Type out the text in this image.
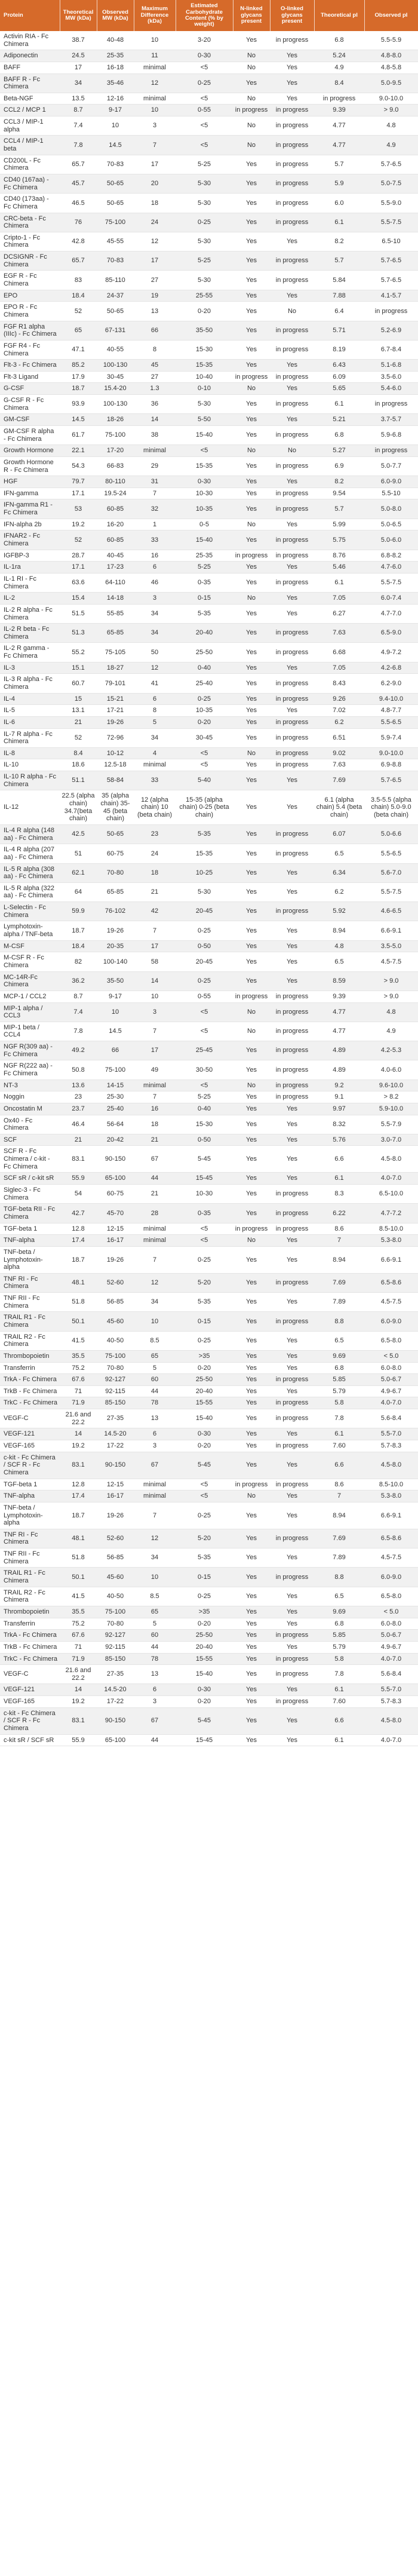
Protein	Theoretical MW (kDa)	Observed MW (kDa)	Maximum Difference (kDa)	Estimated Carbohydrate Content (% by weight)	N-linked glycans present	O-linked glycans present	Theoretical pI	Observed pI
Activin RIA - Fc Chimera	38.7	40-48	10	3-20	Yes	in progress	6.8	5.5-5.9
Adiponectin	24.5	25-35	11	0-30	No	Yes	5.24	4.8-8.0
BAFF	17	16-18	minimal	<5	No	Yes	4.9	4.8-5.8
BAFF R - Fc Chimera	34	35-46	12	0-25	Yes	Yes	8.4	5.0-9.5
Beta-NGF	13.5	12-16	minimal	<5	No	Yes	in progress	9.0-10.0
CCL2 / MCP 1	8.7	9-17	10	0-55	in progress	in progress	9.39	> 9.0
CCL3 / MIP-1 alpha	7.4	10	3	<5	No	in progress	4.77	4.8
CCL4 / MIP-1 beta	7.8	14.5	7	<5	No	in progress	4.77	4.9
CD200L - Fc Chimera	65.7	70-83	17	5-25	Yes	in progress	5.7	5.7-6.5
CD40 (167aa) - Fc Chimera	45.7	50-65	20	5-30	Yes	in progress	5.9	5.0-7.5
CD40 (173aa) - Fc Chimera	46.5	50-65	18	5-30	Yes	in progress	6.0	5.5-9.0
CRC-beta - Fc Chimera	76	75-100	24	0-25	Yes	in progress	6.1	5.5-7.5
Cripto-1 - Fc Chimera	42.8	45-55	12	5-30	Yes	Yes	8.2	6.5-10
DCSIGNR - Fc Chimera	65.7	70-83	17	5-25	Yes	in progress	5.7	5.7-6.5
EGF R - Fc Chimera	83	85-110	27	5-30	Yes	in progress	5.84	5.7-6.5
EPO	18.4	24-37	19	25-55	Yes	Yes	7.88	4.1-5.7
EPO R - Fc Chimera	52	50-65	13	0-20	Yes	No	6.4	in progress
FGF R1 alpha (IIIc) - Fc Chimera	65	67-131	66	35-50	Yes	in progress	5.71	5.2-6.9
FGF R4 - Fc Chimera	47.1	40-55	8	15-30	Yes	in progress	8.19	6.7-8.4
Flt-3 - Fc Chimera	85.2	100-130	45	15-35	Yes	Yes	6.43	5.1-6.8
Flt-3 Ligand	17.9	30-45	27	10-40	in progress	in progress	6.09	3.5-6.0
G-CSF	18.7	15.4-20	1.3	0-10	No	Yes	5.65	5.4-6.0
G-CSF R - Fc Chimera	93.9	100-130	36	5-30	Yes	in progress	6.1	in progress
GM-CSF	14.5	18-26	14	5-50	Yes	Yes	5.21	3.7-5.7
GM-CSF R alpha - Fc Chimera	61.7	75-100	38	15-40	Yes	in progress	6.8	5.9-6.8
Growth Hormone	22.1	17-20	minimal	<5	No	No	5.27	in progress
Growth Hormone R - Fc Chimera	54.3	66-83	29	15-35	Yes	in progress	6.9	5.0-7.7
HGF	79.7	80-110	31	0-30	Yes	Yes	8.2	6.0-9.0
IFN-gamma	17.1	19.5-24	7	10-30	Yes	in progress	9.54	5.5-10
IFN-gamma R1 - Fc Chimera	53	60-85	32	10-35	Yes	in progress	5.7	5.0-8.0
IFN-alpha 2b	19.2	16-20	1	0-5	No	Yes	5.99	5.0-6.5
IFNAR2 - Fc Chimera	52	60-85	33	15-40	Yes	in progress	5.75	5.0-6.0
IGFBP-3	28.7	40-45	16	25-35	in progress	in progress	8.76	6.8-8.2
IL-1ra	17.1	17-23	6	5-25	Yes	Yes	5.46	4.7-6.0
IL-1 RI - Fc Chimera	63.6	64-110	46	0-35	Yes	in progress	6.1	5.5-7.5
IL-2	15.4	14-18	3	0-15	No	Yes	7.05	6.0-7.4
IL-2 R alpha - Fc Chimera	51.5	55-85	34	5-35	Yes	Yes	6.27	4.7-7.0
IL-2 R beta - Fc Chimera	51.3	65-85	34	20-40	Yes	in progress	7.63	6.5-9.0
IL-2 R gamma - Fc Chimera	55.2	75-105	50	25-50	Yes	in progress	6.68	4.9-7.2
IL-3	15.1	18-27	12	0-40	Yes	Yes	7.05	4.2-6.8
IL-3 R alpha - Fc Chimera	60.7	79-101	41	25-40	Yes	in progress	8.43	6.2-9.0
IL-4	15	15-21	6	0-25	Yes	in progress	9.26	9.4-10.0
IL-5	13.1	17-21	8	10-35	Yes	Yes	7.02	4.8-7.7
IL-6	21	19-26	5	0-20	Yes	in progress	6.2	5.5-6.5
IL-7 R alpha - Fc Chimera	52	72-96	34	30-45	Yes	in progress	6.51	5.9-7.4
IL-8	8.4	10-12	4	<5	No	in progress	9.02	9.0-10.0
IL-10	18.6	12.5-18	minimal	<5	Yes	in progress	7.63	6.9-8.8
IL-10 R alpha - Fc Chimera	51.1	58-84	33	5-40	Yes	Yes	7.69	5.7-6.5
IL-12	22.5 (alpha chain) 34.7(beta chain)	35 (alpha chain) 35-45 (beta chain)	12 (alpha chain) 10 (beta chain)	15-35 (alpha chain) 0-25 (beta chain)	Yes	Yes	6.1 (alpha chain) 5.4 (beta chain)	3.5-5.5 (alpha chain) 5.0-9.0 (beta chain)
IL-4 R alpha (148 aa) - Fc Chimera	42.5	50-65	23	5-35	Yes	in progress	6.07	5.0-6.6
IL-4 R alpha (207 aa) - Fc Chimera	51	60-75	24	15-35	Yes	in progress	6.5	5.5-6.5
IL-5 R alpha (308 aa) - Fc Chimera	62.1	70-80	18	10-25	Yes	Yes	6.34	5.6-7.0
IL-5 R alpha (322 aa) - Fc Chimera	64	65-85	21	5-30	Yes	Yes	6.2	5.5-7.5
L-Selectin - Fc Chimera	59.9	76-102	42	20-45	Yes	in progress	5.92	4.6-6.5
Lymphotoxin-alpha / TNF-beta	18.7	19-26	7	0-25	Yes	Yes	8.94	6.6-9.1
M-CSF	18.4	20-35	17	0-50	Yes	Yes	4.8	3.5-5.0
M-CSF R - Fc Chimera	82	100-140	58	20-45	Yes	Yes	6.5	4.5-7.5
MC-14R-Fc Chimera	36.2	35-50	14	0-25	Yes	Yes	8.59	> 9.0
MCP-1 / CCL2	8.7	9-17	10	0-55	in progress	in progress	9.39	> 9.0
MIP-1 alpha / CCL3	7.4	10	3	<5	No	in progress	4.77	4.8
MIP-1 beta / CCL4	7.8	14.5	7	<5	No	in progress	4.77	4.9
NGF R(309 aa) - Fc Chimera	49.2	66	17	25-45	Yes	in progress	4.89	4.2-5.3
NGF R(222 aa) - Fc Chimera	50.8	75-100	49	30-50	Yes	in progress	4.89	4.0-6.0
NT-3	13.6	14-15	minimal	<5	No	in progress	9.2	9.6-10.0
Noggin	23	25-30	7	5-25	Yes	in progress	9.1	> 8.2
Oncostatin M	23.7	25-40	16	0-40	Yes	Yes	9.97	5.9-10.0
Ox40 - Fc Chimera	46.4	56-64	18	15-30	Yes	Yes	8.32	5.5-7.9
SCF	21	20-42	21	0-50	Yes	Yes	5.76	3.0-7.0
SCF R - Fc Chimera / c-kit - Fc Chimera	83.1	90-150	67	5-45	Yes	Yes	6.6	4.5-8.0
SCF sR / c-kit sR	55.9	65-100	44	15-45	Yes	Yes	6.1	4.0-7.0
Siglec-3 - Fc Chimera	54	60-75	21	10-30	Yes	in progress	8.3	6.5-10.0
TGF-beta RII - Fc Chimera	42.7	45-70	28	0-35	Yes	in progress	6.22	4.7-7.2
TGF-beta 1	12.8	12-15	minimal	<5	in progress	in progress	8.6	8.5-10.0
TNF-alpha	17.4	16-17	minimal	<5	No	Yes	7	5.3-8.0
TNF-beta / Lymphotoxin-alpha	18.7	19-26	7	0-25	Yes	Yes	8.94	6.6-9.1
TNF RI - Fc Chimera	48.1	52-60	12	5-20	Yes	in progress	7.69	6.5-8.6
TNF RII - Fc Chimera	51.8	56-85	34	5-35	Yes	Yes	7.89	4.5-7.5
TRAIL R1 - Fc Chimera	50.1	45-60	10	0-15	Yes	in progress	8.8	6.0-9.0
TRAIL R2 - Fc Chimera	41.5	40-50	8.5	0-25	Yes	Yes	6.5	6.5-8.0
Thrombopoietin	35.5	75-100	65	>35	Yes	Yes	9.69	< 5.0
Transferrin	75.2	70-80	5	0-20	Yes	Yes	6.8	6.0-8.0
TrkA - Fc Chimera	67.6	92-127	60	25-50	Yes	in progress	5.85	5.0-6.7
TrkB - Fc Chimera	71	92-115	44	20-40	Yes	Yes	5.79	4.9-6.7
TrkC - Fc Chimera	71.9	85-150	78	15-55	Yes	in progress	5.8	4.0-7.0
VEGF-C	21.6 and 22.2	27-35	13	15-40	Yes	in progress	7.8	5.6-8.4
VEGF-121	14	14.5-20	6	0-30	Yes	Yes	6.1	5.5-7.0
VEGF-165	19.2	17-22	3	0-20	Yes	in progress	7.60	5.7-8.3
c-kit - Fc Chimera / SCF R - Fc Chimera	83.1	90-150	67	5-45	Yes	Yes	6.6	4.5-8.0
TGF-beta 1	12.8	12-15	minimal	<5	in progress	in progress	8.6	8.5-10.0
TNF-alpha	17.4	16-17	minimal	<5	No	Yes	7	5.3-8.0
TNF-beta / Lymphotoxin-alpha	18.7	19-26	7	0-25	Yes	Yes	8.94	6.6-9.1
TNF RI - Fc Chimera	48.1	52-60	12	5-20	Yes	in progress	7.69	6.5-8.6
TNF RII - Fc Chimera	51.8	56-85	34	5-35	Yes	Yes	7.89	4.5-7.5
TRAIL R1 - Fc Chimera	50.1	45-60	10	0-15	Yes	in progress	8.8	6.0-9.0
TRAIL R2 - Fc Chimera	41.5	40-50	8.5	0-25	Yes	Yes	6.5	6.5-8.0
Thrombopoietin	35.5	75-100	65	>35	Yes	Yes	9.69	< 5.0
Transferrin	75.2	70-80	5	0-20	Yes	Yes	6.8	6.0-8.0
TrkA - Fc Chimera	67.6	92-127	60	25-50	Yes	in progress	5.85	5.0-6.7
TrkB - Fc Chimera	71	92-115	44	20-40	Yes	Yes	5.79	4.9-6.7
TrkC - Fc Chimera	71.9	85-150	78	15-55	Yes	in progress	5.8	4.0-7.0
VEGF-C	21.6 and 22.2	27-35	13	15-40	Yes	in progress	7.8	5.6-8.4
VEGF-121	14	14.5-20	6	0-30	Yes	Yes	6.1	5.5-7.0
VEGF-165	19.2	17-22	3	0-20	Yes	in progress	7.60	5.7-8.3
c-kit - Fc Chimera / SCF R - Fc Chimera	83.1	90-150	67	5-45	Yes	Yes	6.6	4.5-8.0
c-kit sR / SCF sR	55.9	65-100	44	15-45	Yes	Yes	6.1	4.0-7.0
